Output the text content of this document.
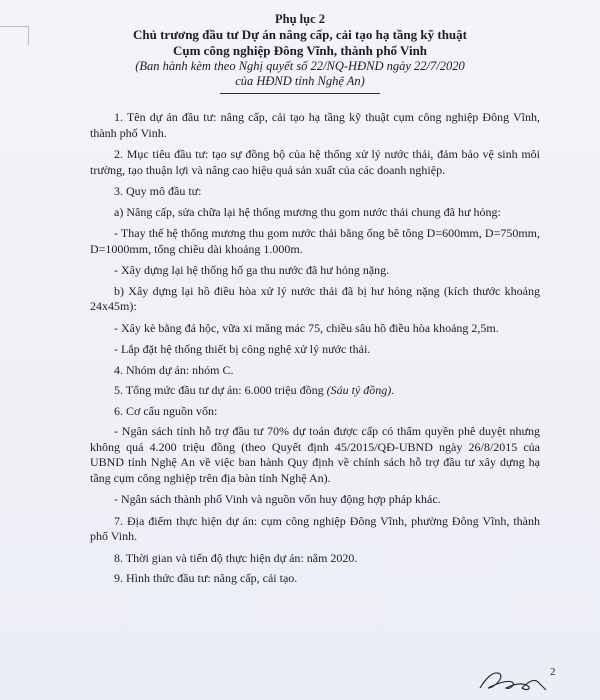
Phụ lục 2
Chủ trương đầu tư Dự án nâng cấp, cải tạo hạ tầng kỹ thuật
Cụm công nghiệp Đông Vĩnh, thành phố Vinh
(Ban hành kèm theo Nghị quyết số 22/NQ-HĐND ngày 22/7/2020
của HĐND tỉnh Nghệ An)

1. Tên dự án đầu tư: nâng cấp, cải tạo hạ tầng kỹ thuật cụm công nghiệp Đông Vĩnh, thành phố Vinh.

2. Mục tiêu đầu tư: tạo sự đồng bộ của hệ thống xử lý nước thải, đảm bảo vệ sinh môi trường, tạo thuận lợi và nâng cao hiệu quả sản xuất của các doanh nghiệp.

3. Quy mô đầu tư:

a) Nâng cấp, sửa chữa lại hệ thống mương thu gom nước thải chung đã hư hỏng:

- Thay thế hệ thống mương thu gom nước thải bằng ống bê tông D=600mm, D=750mm, D=1000mm, tổng chiều dài khoảng 1.000m.

- Xây dựng lại hệ thống hố ga thu nước đã hư hỏng nặng.

b) Xây dựng lại hồ điều hòa xử lý nước thải đã bị hư hỏng nặng (kích thước khoảng 24x45m):

- Xây kè bằng đá hộc, vữa xi măng mác 75, chiều sâu hồ điều hòa khoảng 2,5m.

- Lắp đặt hệ thống thiết bị công nghệ xử lý nước thải.

4. Nhóm dự án: nhóm C.

5. Tổng mức đầu tư dự án: 6.000 triệu đồng (Sáu tỷ đồng).

6. Cơ cấu nguồn vốn:

- Ngân sách tỉnh hỗ trợ đầu tư 70% dự toán được cấp có thẩm quyền phê duyệt nhưng không quá 4.200 triệu đồng (theo Quyết định 45/2015/QĐ-UBND ngày 26/8/2015 của UBND tỉnh Nghệ An về việc ban hành Quy định về chính sách hỗ trợ đầu tư xây dựng hạ tầng cụm công nghiệp trên địa bàn tỉnh Nghệ An).

- Ngân sách thành phố Vinh và nguồn vốn huy động hợp pháp khác.

7. Địa điểm thực hiện dự án: cụm công nghiệp Đông Vĩnh, phường Đông Vĩnh, thành phố Vinh.

8. Thời gian và tiến độ thực hiện dự án: năm 2020.

9. Hình thức đầu tư: nâng cấp, cải tạo.

2
